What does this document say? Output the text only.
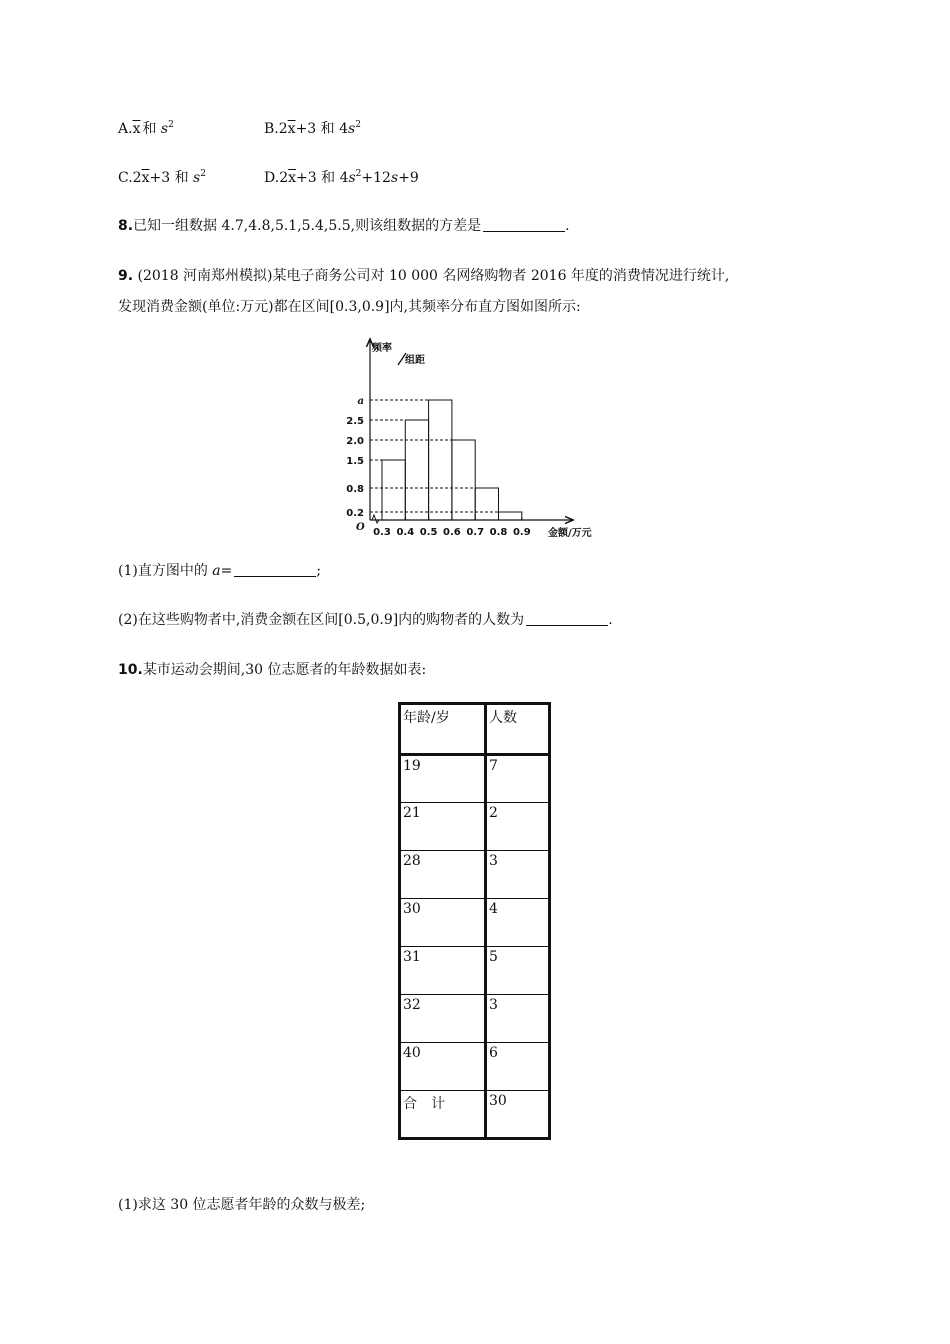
$A.\overline{x}$ 和 $s^2$	$B.2\overline{x}+3$ 和 $4s^2$
$C.2\overline{x}+3$ 和 $s^2$	$D.2\overline{x}+3$ 和 $4s^2+12s+9$
8.已知一组数据 4.7,4.8,5.1,5.4,5.5,则该组数据的方差是	.
9. (2018 河南郑州模拟)某电子商务公司对 10 000 名网络购物者 2016 年度的消费情况进行统计,
发现消费金额(单位:万元)都在区间[0.3,0.9]内,其频率分布直方图如图所示:
频率
组距
1.5
2.5
a
2.0
0.8
0.2
0.3 0.4 0.5 0.6 0.7 0.8 0.9
O
金额/万元
(1)直方图中的 a=	;
(2)在这些购物者中,消费金额在区间[0.5,0.9]内的购物者的人数为	.
10.某市运动会期间,30 位志愿者的年龄数据如表:
年龄/岁	人数
19	7
21	2
28	3
30	4
31	5
32	3
40	6
合　计	30
(1)求这 30 位志愿者年龄的众数与极差;
